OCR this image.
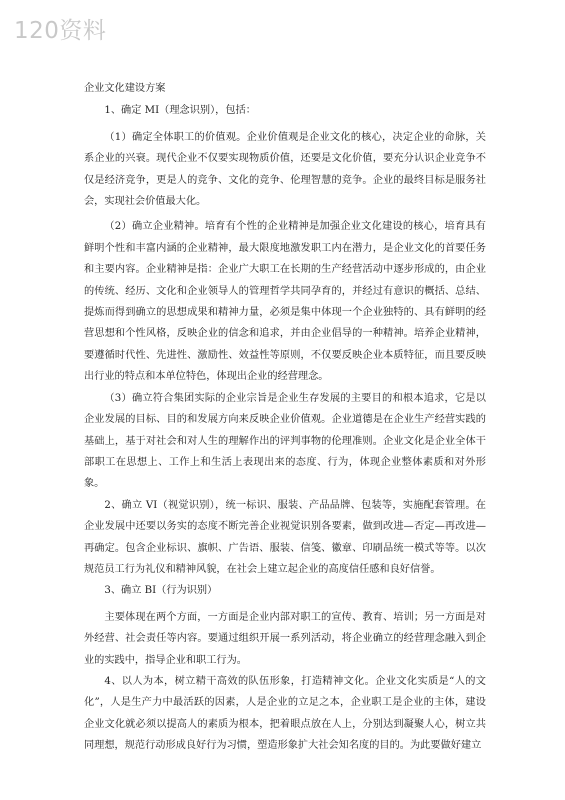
120资料

企业文化建设方案

1、确定 MI（理念识别），包括：

（1）确定全体职工的价值观。企业价值观是企业文化的核心，决定企业的命脉，关系企业的兴衰。现代企业不仅要实现物质价值，还要是文化价值，要充分认识企业竞争不仅是经济竞争，更是人的竞争、文化的竞争、伦理智慧的竞争。企业的最终目标是服务社会，实现社会价值最大化。

（2）确立企业精神。培育有个性的企业精神是加强企业文化建设的核心，培育具有鲜明个性和丰富内涵的企业精神，最大限度地激发职工内在潜力，是企业文化的首要任务和主要内容。企业精神是指：企业广大职工在长期的生产经营活动中逐步形成的，由企业的传统、经历、文化和企业领导人的管理哲学共同孕育的，并经过有意识的概括、总结、提炼而得到确立的思想成果和精神力量，必须是集中体现一个企业独特的、具有鲜明的经营思想和个性风格，反映企业的信念和追求，并由企业倡导的一种精神。培养企业精神，要遵循时代性、先进性、激励性、效益性等原则，不仅要反映企业本质特征，而且要反映出行业的特点和本单位特色，体现出企业的经营理念。

（3）确立符合集团实际的企业宗旨是企业生存发展的主要目的和根本追求，它是以企业发展的目标、目的和发展方向来反映企业价值观。企业道德是在企业生产经营实践的基础上，基于对社会和对人生的理解作出的评判事物的伦理准则。企业文化是企业全体干部职工在思想上、工作上和生活上表现出来的态度、行为，体现企业整体素质和对外形象。

2、确立 VI（视觉识别），统一标识、服装、产品品牌、包装等，实施配套管理。在企业发展中还要以务实的态度不断完善企业视觉识别各要素，做到改进—否定—再改进—再确定。包含企业标识、旗帜、广告语、服装、信笺、徽章、印刷品统一模式等等。以次规范员工行为礼仪和精神风貌，在社会上建立起企业的高度信任感和良好信誉。

3、确立 BI（行为识别）

主要体现在两个方面，一方面是企业内部对职工的宣传、教育、培训；另一方面是对外经营、社会责任等内容。要通过组织开展一系列活动，将企业确立的经营理念融入到企业的实践中，指导企业和职工行为。

4、以人为本，树立精干高效的队伍形象，打造精神文化。企业文化实质是“人的文化”，人是生产力中最活跃的因素，人是企业的立足之本，企业职工是企业的主体，建设企业文化就必须以提高人的素质为根本，把着眼点放在人上，分别达到凝聚人心，树立共同理想，规范行动形成良好行为习惯，塑造形象扩大社会知名度的目的。为此要做好建立
